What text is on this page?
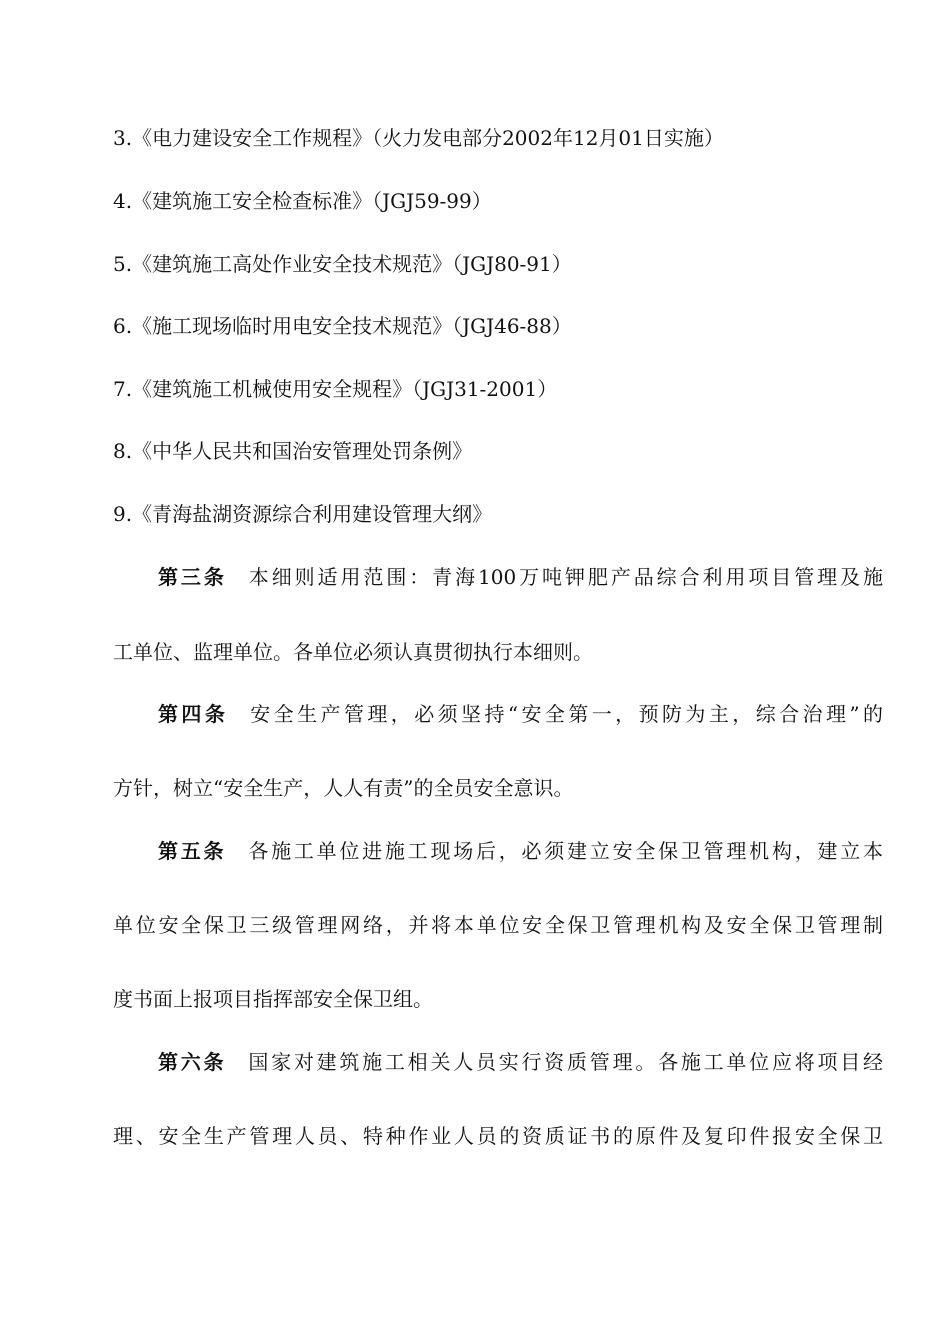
3.《电力建设安全工作规程》（火力发电部分2002年12月01日实施）
4.《建筑施工安全检查标准》（JGJ59-99）
5.《建筑施工高处作业安全技术规范》（JGJ80-91）
6.《施工现场临时用电安全技术规范》（JGJ46-88）
7.《建筑施工机械使用安全规程》（JGJ31-2001）
8.《中华人民共和国治安管理处罚条例》
9.《青海盐湖资源综合利用建设管理大纲》
第三条 本细则适用范围：青海100万吨钾肥产品综合利用项目管理及施
工单位、监理单位。各单位必须认真贯彻执行本细则。
第四条 安全生产管理，必须坚持“安全第一，预防为主，综合治理”的
方针，树立“安全生产，人人有责”的全员安全意识。
第五条 各施工单位进施工现场后，必须建立安全保卫管理机构，建立本
单位安全保卫三级管理网络，并将本单位安全保卫管理机构及安全保卫管理制
度书面上报项目指挥部安全保卫组。
第六条 国家对建筑施工相关人员实行资质管理。各施工单位应将项目经
理、安全生产管理人员、特种作业人员的资质证书的原件及复印件报安全保卫
